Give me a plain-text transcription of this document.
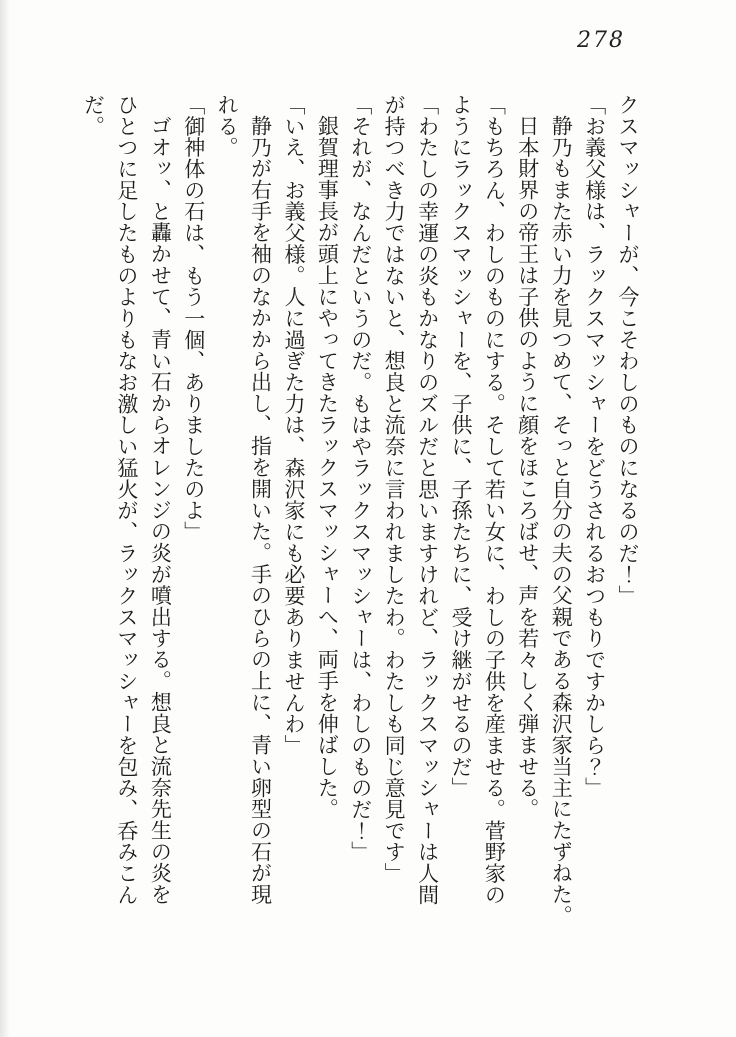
278

クスマッシャーが、今こそわしのものになるのだ！」

「お義父様は、ラックスマッシャーをどうされるおつもりですかしら？」

静乃もまた赤い力を見つめて、そっと自分の夫の父親である森沢家当主にたずねた。

日本財界の帝王は子供のように顔をほころばせ、声を若々しく弾ませる。

「もちろん、わしのものにする。そして若い女に、わしの子供を産ませる。菅野家の

ようにラックスマッシャーを、子供に、子孫たちに、受け継がせるのだ」

「わたしの幸運の炎もかなりのズルだと思いますけれど、ラックスマッシャーは人間

が持つべき力ではないと、想良と流奈に言われましたわ。わたしも同じ意見です」

「それが、なんだというのだ。もはやラックスマッシャーは、わしのものだ！」

銀賀理事長が頭上にやってきたラックスマッシャーへ、両手を伸ばした。

「いえ、お義父様。人に過ぎた力は、森沢家にも必要ありませんわ」

静乃が右手を袖のなかから出し、指を開いた。手のひらの上に、青い卵型の石が現

れる。

「御神体の石は、もう一個、ありましたのよ」

ゴオッ、と轟かせて、青い石からオレンジの炎が噴出する。想良と流奈先生の炎を

ひとつに足したものよりもなお激しい猛火が、ラックスマッシャーを包み、呑みこん

だ。
